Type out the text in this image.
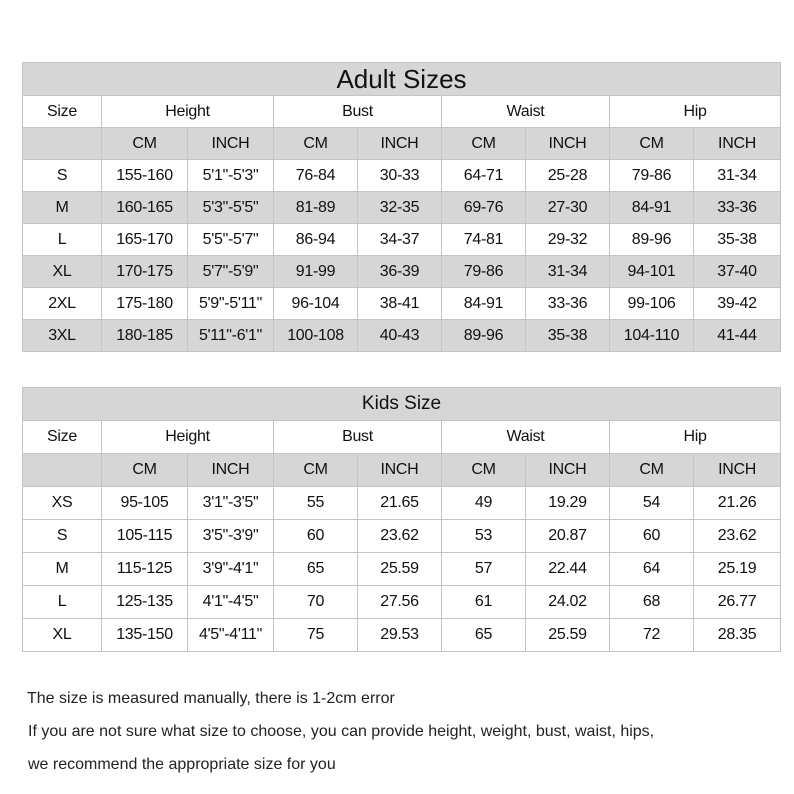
Adult Sizes								
Size	Height		Bust		Waist		Hip	
	CM	INCH	CM	INCH	CM	INCH	CM	INCH
S	155-160	5'1"-5'3"	76-84	30-33	64-71	25-28	79-86	31-34
M	160-165	5'3"-5'5"	81-89	32-35	69-76	27-30	84-91	33-36
L	165-170	5'5"-5'7"	86-94	34-37	74-81	29-32	89-96	35-38
XL	170-175	5'7"-5'9"	91-99	36-39	79-86	31-34	94-101	37-40
2XL	175-180	5'9"-5'11"	96-104	38-41	84-91	33-36	99-106	39-42
3XL	180-185	5'11"-6'1"	100-108	40-43	89-96	35-38	104-110	41-44
Kids Size								
Size	Height		Bust		Waist		Hip	
	CM	INCH	CM	INCH	CM	INCH	CM	INCH
XS	95-105	3'1"-3'5"	55	21.65	49	19.29	54	21.26
S	105-115	3'5"-3'9"	60	23.62	53	20.87	60	23.62
M	115-125	3'9"-4'1"	65	25.59	57	22.44	64	25.19
L	125-135	4'1"-4'5"	70	27.56	61	24.02	68	26.77
XL	135-150	4'5"-4'11"	75	29.53	65	25.59	72	28.35
The size is measured manually, there is 1-2cm error
If you are not sure what size to choose, you can provide height, weight, bust, waist, hips,
we recommend the appropriate size for you
